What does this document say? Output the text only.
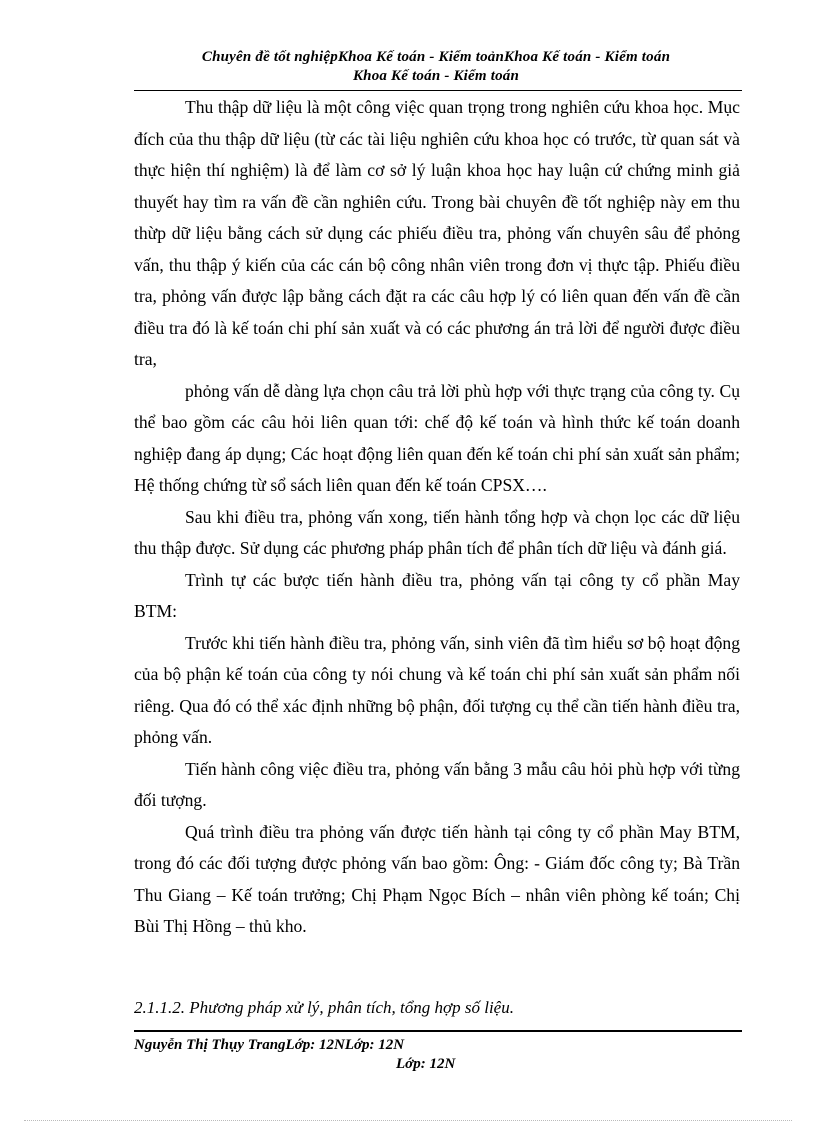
Chuyên đề tốt nghiệpKhoa Kế toán - Kiểm toảnKhoa Kế toán - Kiểm toán
Khoa Kế toán - Kiểm toán

Thu thập dữ liệu là một công việc quan trọng trong nghiên cứu khoa học. Mục đích của thu thập dữ liệu (từ các tài liệu nghiên cứu khoa học có trước, từ quan sát và thực hiện thí nghiệm) là để làm cơ sở lý luận khoa học hay luận cứ chứng minh giả thuyết hay tìm ra vấn đề cần nghiên cứu. Trong bài chuyên đề tốt nghiệp này em thu thừp dữ liệu bằng cách sử dụng các phiếu điều tra, phỏng vấn chuyên sâu để phỏng vấn, thu thập ý kiến của các cán bộ công nhân viên trong đơn vị thực tập. Phiếu điều tra, phỏng vấn được lập bằng cách đặt ra các câu hợp lý có liên quan đến vấn đề cần điều tra đó là kế toán chi phí sản xuất và có các phương án trả lời để người được điều tra,

phỏng vấn dễ dàng lựa chọn câu trả lời phù hợp với thực trạng của công ty. Cụ thể bao gồm các câu hỏi liên quan tới: chế độ kế toán và hình thức kế toán doanh nghiệp đang áp dụng; Các hoạt động liên quan đến kế toán chi phí sản xuất sản phẩm; Hệ thống chứng từ sổ sách liên quan đến kế toán CPSX….

Sau khi điều tra, phỏng vấn xong, tiến hành tổng hợp và chọn lọc các dữ liệu thu thập được. Sử dụng các phương pháp phân tích để phân tích dữ liệu và đánh giá.

Trình tự các bược tiến hành điều tra, phỏng vấn tại công ty cổ phần May BTM:

Trước khi tiến hành điều tra, phỏng vấn, sinh viên đã tìm hiểu sơ bộ hoạt động của bộ phận kế toán của công ty nói chung và kế toán chi phí sản xuất sản phẩm nối riêng. Qua đó có thể xác định những bộ phận, đối tượng cụ thể cần tiến hành điều tra, phỏng vấn.

Tiến hành công việc điều tra, phỏng vấn bằng 3 mẫu câu hỏi phù hợp với từng đối tượng.

Quá trình điều tra phỏng vấn được tiến hành tại công ty cổ phần May BTM, trong đó các đối tượng được phỏng vấn bao gồm: Ông: - Giám đốc công ty; Bà Trần Thu Giang – Kế toán trưởng; Chị Phạm Ngọc Bích – nhân viên phòng kế toán; Chị Bùi Thị Hồng – thủ kho.

2.1.1.2. Phương pháp xử lý, phân tích, tổng hợp số liệu.
Nguyễn Thị Thụy TrangLớp: 12NLớp: 12N
Lớp: 12N
